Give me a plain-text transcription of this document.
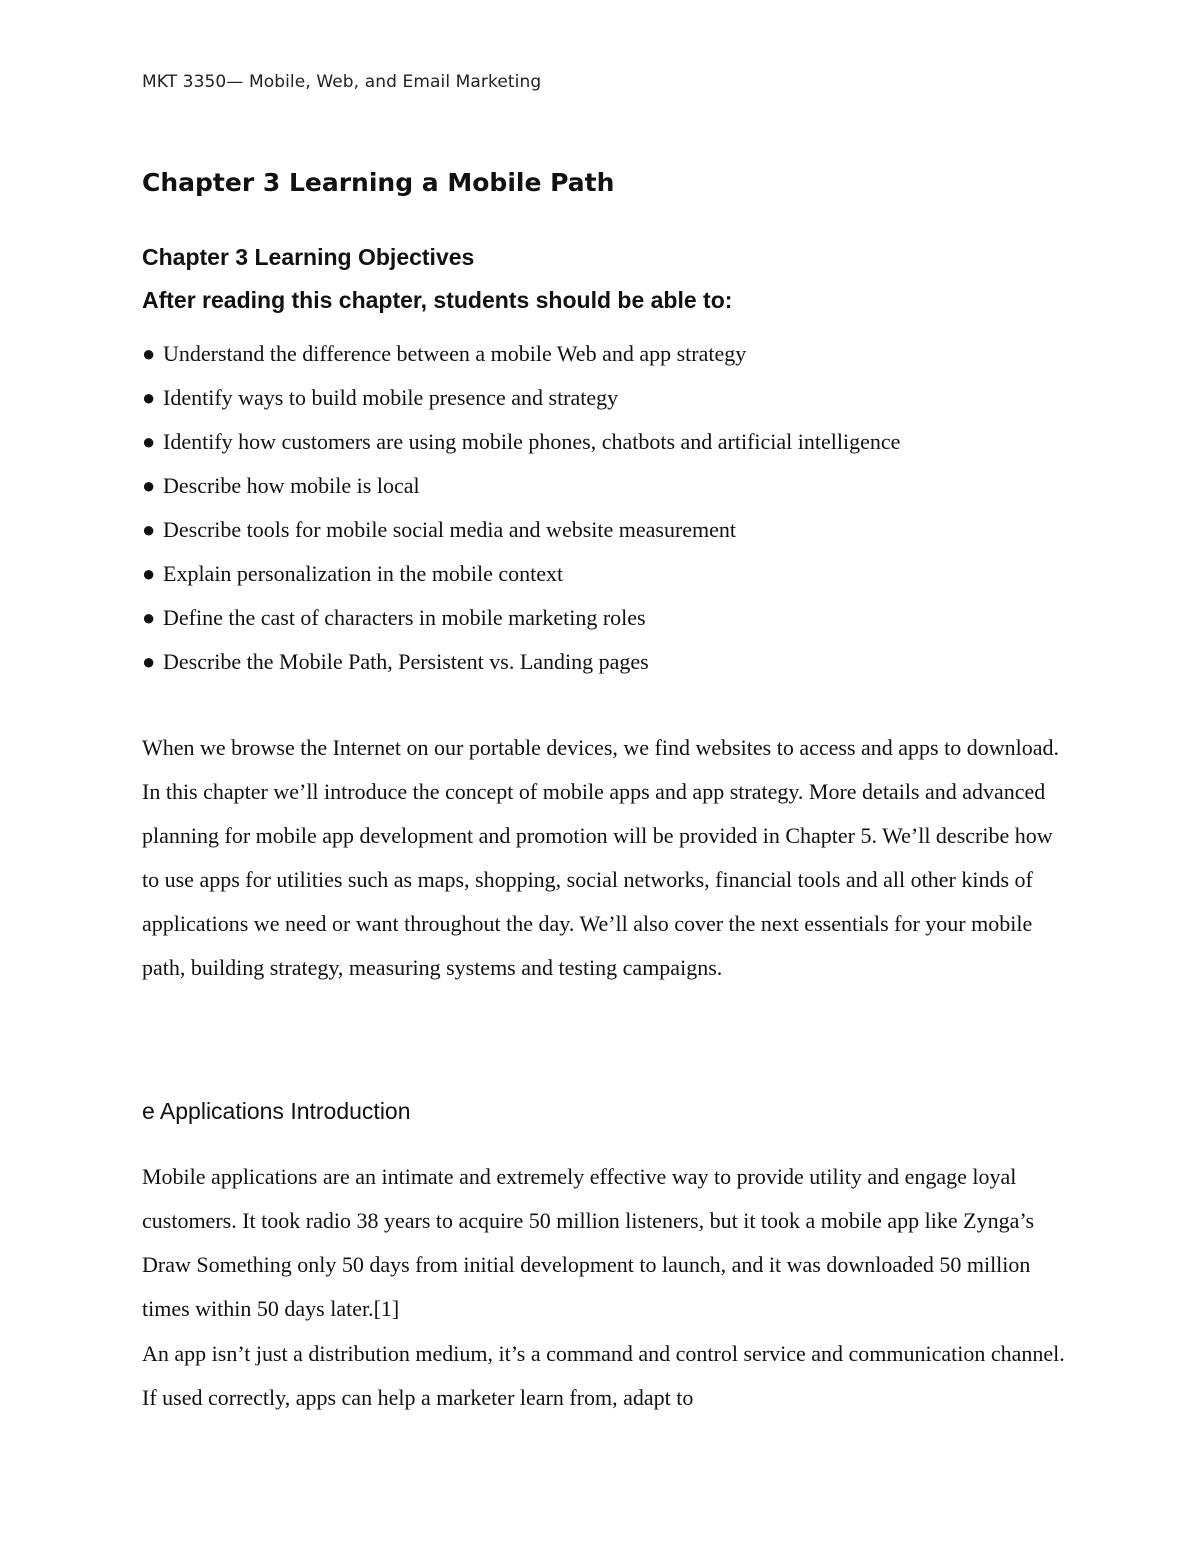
MKT 3350— Mobile, Web, and Email Marketing
Chapter 3 Learning a Mobile Path
Chapter 3 Learning Objectives

After reading this chapter, students should be able to:

● Understand the difference between a mobile Web and app strategy
● Identify ways to build mobile presence and strategy
● Identify how customers are using mobile phones, chatbots and artificial intelligence
● Describe how mobile is local
● Describe tools for mobile social media and website measurement
● Explain personalization in the mobile context
● Define the cast of characters in mobile marketing roles
● Describe the Mobile Path, Persistent vs. Landing pages

When we browse the Internet on our portable devices, we find websites to access and apps to download. In this chapter we’ll introduce the concept of mobile apps and app strategy. More details and advanced planning for mobile app development and promotion will be provided in Chapter 5. We’ll describe how to use apps for utilities such as maps, shopping, social networks, financial tools and all other kinds of applications we need or want throughout the day. We’ll also cover the next essentials for your mobile path, building strategy, measuring systems and testing campaigns.

e Applications Introduction

Mobile applications are an intimate and extremely effective way to provide utility and engage loyal customers. It took radio 38 years to acquire 50 million listeners, but it took a mobile app like Zynga’s Draw Something only 50 days from initial development to launch, and it was downloaded 50 million times within 50 days later.[1]

An app isn’t just a distribution medium, it’s a command and control service and communication channel. If used correctly, apps can help a marketer learn from, adapt to
